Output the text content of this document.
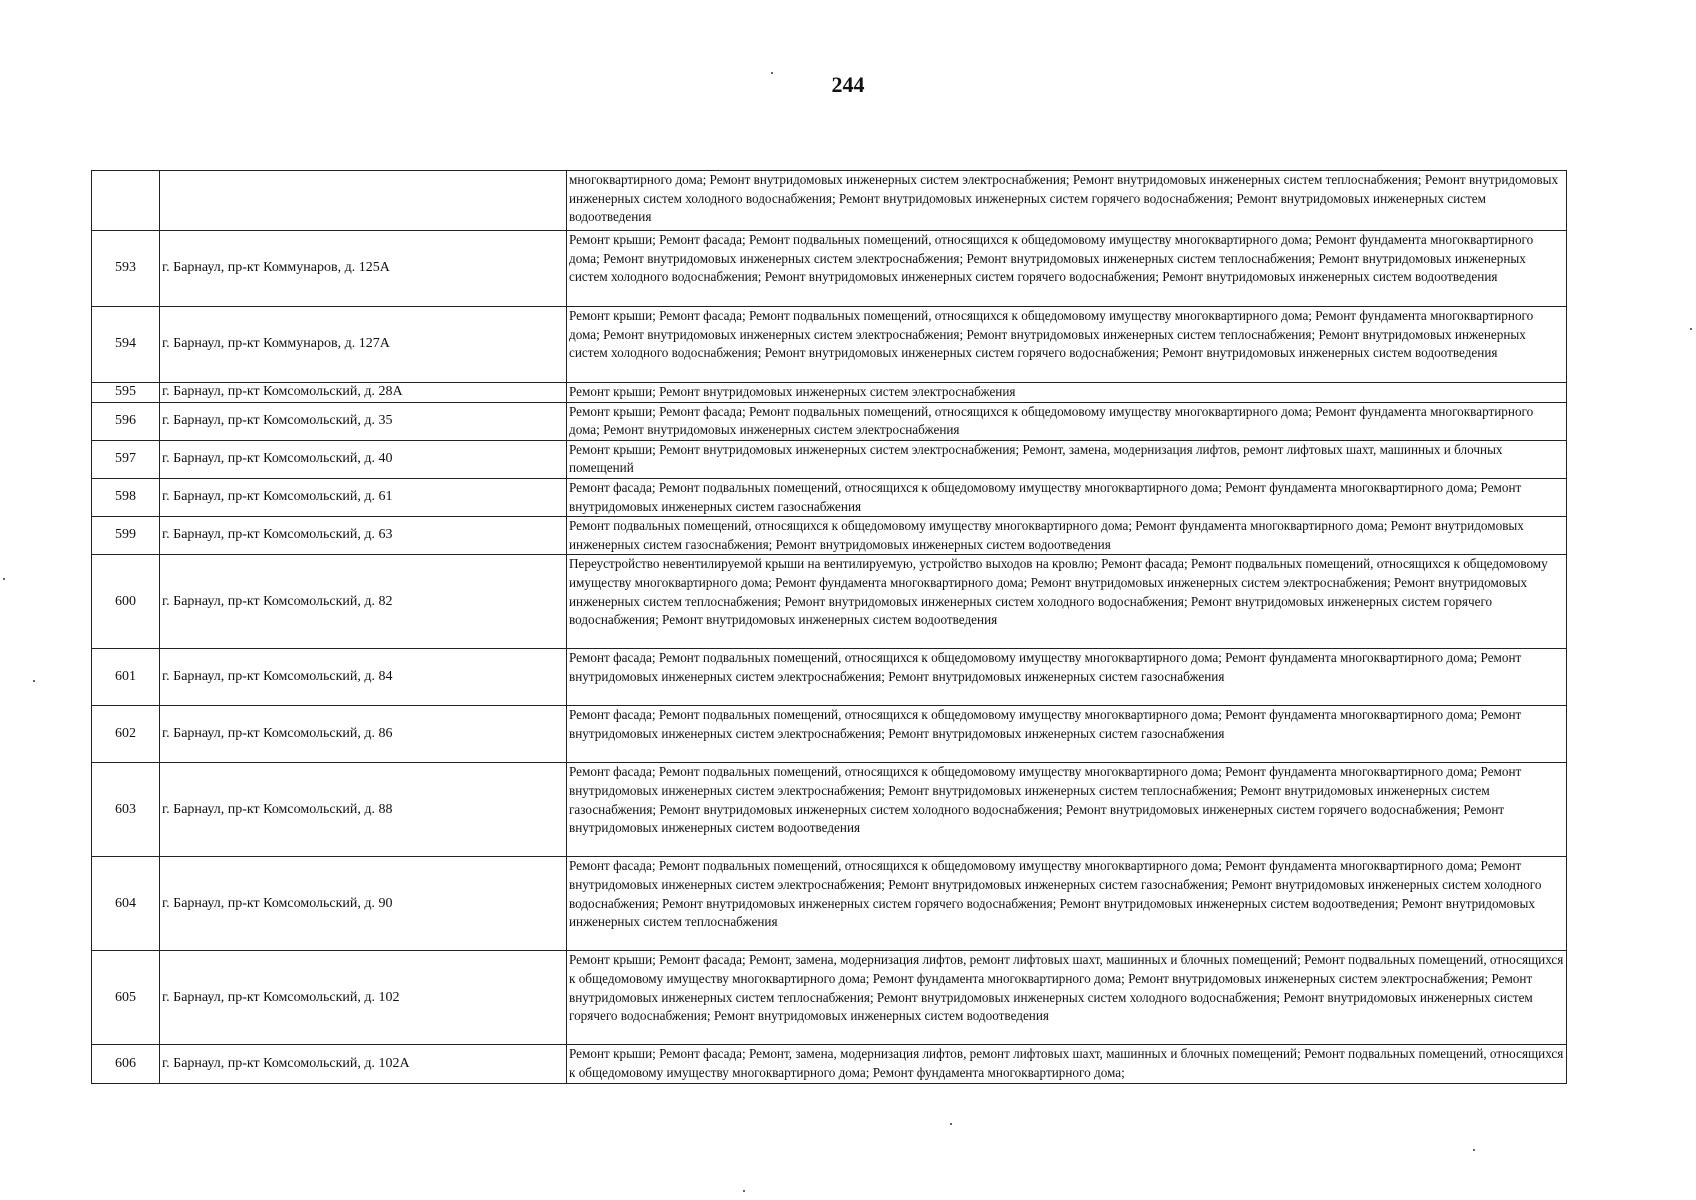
244
		многоквартирного дома; Ремонт внутридомовых инженерных систем электроснабжения; Ремонт внутридомовых инженерных систем теплоснабжения; Ремонт внутридомовых инженерных систем холодного водоснабжения; Ремонт внутридомовых инженерных систем горячего водоснабжения; Ремонт внутридомовых инженерных систем водоотведения
593	г. Барнаул, пр-кт Коммунаров, д. 125А	Ремонт крыши; Ремонт фасада; Ремонт подвальных помещений, относящихся к общедомовому имуществу многоквартирного дома; Ремонт фундамента многоквартирного дома; Ремонт внутридомовых инженерных систем электроснабжения; Ремонт внутридомовых инженерных систем теплоснабжения; Ремонт внутридомовых инженерных систем холодного водоснабжения; Ремонт внутридомовых инженерных систем горячего водоснабжения; Ремонт внутридомовых инженерных систем водоотведения
594	г. Барнаул, пр-кт Коммунаров, д. 127А	Ремонт крыши; Ремонт фасада; Ремонт подвальных помещений, относящихся к общедомовому имуществу многоквартирного дома; Ремонт фундамента многоквартирного дома; Ремонт внутридомовых инженерных систем электроснабжения; Ремонт внутридомовых инженерных систем теплоснабжения; Ремонт внутридомовых инженерных систем холодного водоснабжения; Ремонт внутридомовых инженерных систем горячего водоснабжения; Ремонт внутридомовых инженерных систем водоотведения
595	г. Барнаул, пр-кт Комсомольский, д. 28А	Ремонт крыши; Ремонт внутридомовых инженерных систем электроснабжения
596	г. Барнаул, пр-кт Комсомольский, д. 35	Ремонт крыши; Ремонт фасада; Ремонт подвальных помещений, относящихся к общедомовому имуществу многоквартирного дома; Ремонт фундамента многоквартирного дома; Ремонт внутридомовых инженерных систем электроснабжения
597	г. Барнаул, пр-кт Комсомольский, д. 40	Ремонт крыши; Ремонт внутридомовых инженерных систем электроснабжения; Ремонт, замена, модернизация лифтов, ремонт лифтовых шахт, машинных и блочных помещений
598	г. Барнаул, пр-кт Комсомольский, д. 61	Ремонт фасада; Ремонт подвальных помещений, относящихся к общедомовому имуществу многоквартирного дома; Ремонт фундамента многоквартирного дома; Ремонт внутридомовых инженерных систем газоснабжения
599	г. Барнаул, пр-кт Комсомольский, д. 63	Ремонт подвальных помещений, относящихся к общедомовому имуществу многоквартирного дома; Ремонт фундамента многоквартирного дома; Ремонт внутридомовых инженерных систем газоснабжения; Ремонт внутридомовых инженерных систем водоотведения
600	г. Барнаул, пр-кт Комсомольский, д. 82	Переустройство невентилируемой крыши на вентилируемую, устройство выходов на кровлю; Ремонт фасада; Ремонт подвальных помещений, относящихся к общедомовому имуществу многоквартирного дома; Ремонт фундамента многоквартирного дома; Ремонт внутридомовых инженерных систем электроснабжения; Ремонт внутридомовых инженерных систем теплоснабжения; Ремонт внутридомовых инженерных систем холодного водоснабжения; Ремонт внутридомовых инженерных систем горячего водоснабжения; Ремонт внутридомовых инженерных систем водоотведения
601	г. Барнаул, пр-кт Комсомольский, д. 84	Ремонт фасада; Ремонт подвальных помещений, относящихся к общедомовому имуществу многоквартирного дома; Ремонт фундамента многоквартирного дома; Ремонт внутридомовых инженерных систем электроснабжения; Ремонт внутридомовых инженерных систем газоснабжения
602	г. Барнаул, пр-кт Комсомольский, д. 86	Ремонт фасада; Ремонт подвальных помещений, относящихся к общедомовому имуществу многоквартирного дома; Ремонт фундамента многоквартирного дома; Ремонт внутридомовых инженерных систем электроснабжения; Ремонт внутридомовых инженерных систем газоснабжения
603	г. Барнаул, пр-кт Комсомольский, д. 88	Ремонт фасада; Ремонт подвальных помещений, относящихся к общедомовому имуществу многоквартирного дома; Ремонт фундамента многоквартирного дома; Ремонт внутридомовых инженерных систем электроснабжения; Ремонт внутридомовых инженерных систем теплоснабжения; Ремонт внутридомовых инженерных систем газоснабжения; Ремонт внутридомовых инженерных систем холодного водоснабжения; Ремонт внутридомовых инженерных систем горячего водоснабжения; Ремонт внутридомовых инженерных систем водоотведения
604	г. Барнаул, пр-кт Комсомольский, д. 90	Ремонт фасада; Ремонт подвальных помещений, относящихся к общедомовому имуществу многоквартирного дома; Ремонт фундамента многоквартирного дома; Ремонт внутридомовых инженерных систем электроснабжения; Ремонт внутридомовых инженерных систем газоснабжения; Ремонт внутридомовых инженерных систем холодного водоснабжения; Ремонт внутридомовых инженерных систем горячего водоснабжения; Ремонт внутридомовых инженерных систем водоотведения; Ремонт внутридомовых инженерных систем теплоснабжения
605	г. Барнаул, пр-кт Комсомольский, д. 102	Ремонт крыши; Ремонт фасада; Ремонт, замена, модернизация лифтов, ремонт лифтовых шахт, машинных и блочных помещений; Ремонт подвальных помещений, относящихся к общедомовому имуществу многоквартирного дома; Ремонт фундамента многоквартирного дома; Ремонт внутридомовых инженерных систем электроснабжения; Ремонт внутридомовых инженерных систем теплоснабжения; Ремонт внутридомовых инженерных систем холодного водоснабжения; Ремонт внутридомовых инженерных систем горячего водоснабжения; Ремонт внутридомовых инженерных систем водоотведения
606	г. Барнаул, пр-кт Комсомольский, д. 102А	Ремонт крыши; Ремонт фасада; Ремонт, замена, модернизация лифтов, ремонт лифтовых шахт, машинных и блочных помещений; Ремонт подвальных помещений, относящихся к общедомовому имуществу многоквартирного дома; Ремонт фундамента многоквартирного дома;
